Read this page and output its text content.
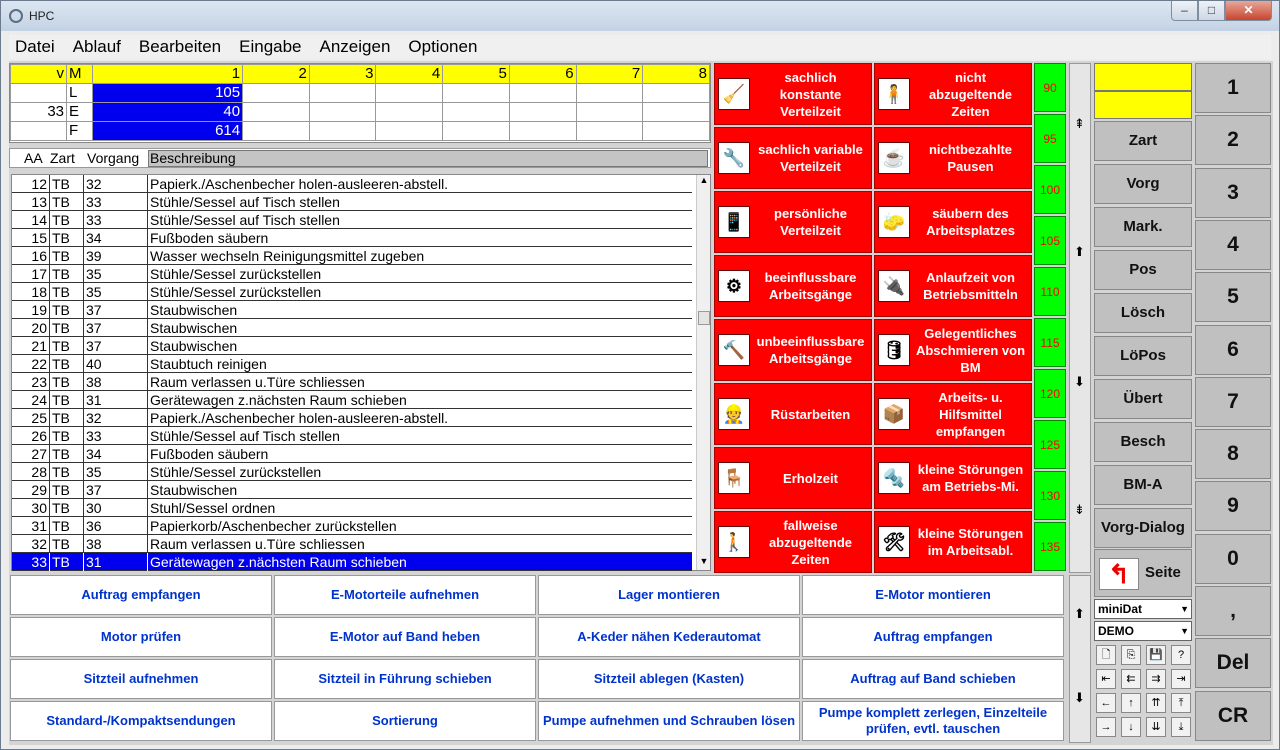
HPC	–	□	✕
Datei Ablauf Bearbeiten Eingabe Anzeigen Optionen
v	M	1	2	3	4	5	6	7	8
	L	105							
33	E	40							
	F	614							
AA Zart Vorgang Beschreibung
12 TB 32	Papierk./Aschenbecher holen-ausleeren-abstell.
13 TB 33	Stühle/Sessel auf Tisch stellen
14 TB 33	Stühle/Sessel auf Tisch stellen
15 TB 34	Fußboden säubern
16 TB 39	Wasser wechseln Reinigungsmittel zugeben
17 TB 35	Stühle/Sessel zurückstellen
18 TB 35	Stühle/Sessel zurückstellen
19 TB 37	Staubwischen
20 TB 37	Staubwischen
21 TB 37	Staubwischen
22 TB 40	Staubtuch reinigen
23 TB 38	Raum verlassen u.Türe schliessen
24 TB 31	Gerätewagen z.nächsten Raum schieben
25 TB 32	Papierk./Aschenbecher holen-ausleeren-abstell.
26 TB 33	Stühle/Sessel auf Tisch stellen
27 TB 34	Fußboden säubern
28 TB 35	Stühle/Sessel zurückstellen
29 TB 37	Staubwischen
30 TB 30	Stuhl/Sessel ordnen
31 TB 36	Papierkorb/Aschenbecher zurückstellen
32 TB 38	Raum verlassen u.Türe schliessen
33 TB 31	Gerätewagen z.nächsten Raum schieben
▲
▼
🧹
sachlich konstante Verteilzeit
🔧 sachlich variable Verteilzeit
📱	persönliche Verteilzeit
⚙	beeinflussbare Arbeitsgänge
🔨 unbeeinflussbare Arbeitsgänge
👷	Rüstarbeiten
🪑	Erholzeit
🚶
fallweise abzugeltende Zeiten
🧍
nicht abzugeltende Zeiten
☕	nichtbezahlte Pausen
🧽	säubern des Arbeitsplatzes
🔌	Anlaufzeit von Betriebsmitteln
🛢
Gelegentliches Abschmieren von BM
📦
Arbeits- u. Hilfsmittel empfangen
🔩 kleine Störungen am Betriebs-Mi.
🛠 kleine Störungen im Arbeitsabl.
90
95
100
105
110
115
120
125
130
135
⇞
⬆
⬇
⇟
Zart
Vorg
Mark.
Pos
Lösch
LöPos
Übert
Besch
BM-A
Vorg-Dialog
↰	Seite
1
2
3
4
5
6
7
8
9
0
,
Del
CR
Auftrag empfangen	E-Motorteile aufnehmen	Lager montieren	E-Motor montieren
Motor prüfen	E-Motor auf Band heben	A-Keder nähen Kederautomat	Auftrag empfangen
Sitzteil aufnehmen	Sitzteil in Führung schieben	Sitzteil ablegen (Kasten)	Auftrag auf Band schieben
Standard-/Kompaktsendungen	Sortierung	Pumpe aufnehmen und Schrauben lösen
Pumpe komplett zerlegen, Einzelteile prüfen, evtl. tauschen
⬆
⬇
miniDat	▼
DEMO	▼
🗋	⎘	💾	?
⇤	⇇	⇉	⇥
←	↑	⇈	⤒
→	↓	⇊	⤓
